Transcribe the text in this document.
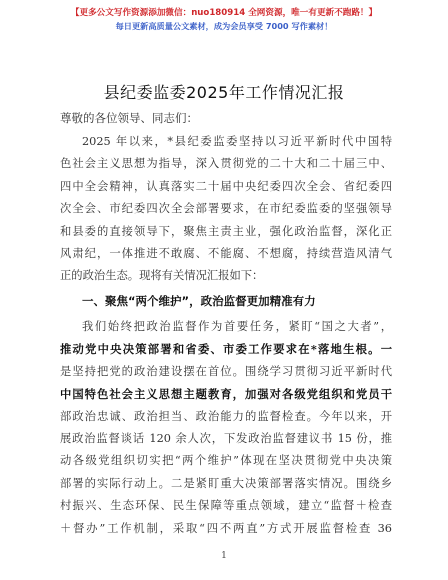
【更多公文写作资源添加微信：nuo180914 全网资源，唯一有更新不跑路！】
每日更新高质量公文素材，成为会员享受 7000 写作素材！
县纪委监委2025年工作情况汇报
尊敬的各位领导、同志们：
2025 年以来，*县纪委监委坚持以习近平新时代中国特
色社会主义思想为指导，深入贯彻党的二十大和二十届三中、
四中全会精神，认真落实二十届中央纪委四次全会、省纪委四
次全会、市纪委四次全会部署要求，在市纪委监委的坚强领导
和县委的直接领导下，聚焦主责主业，强化政治监督，深化正
风肃纪，一体推进不敢腐、不能腐、不想腐，持续营造风清气
正的政治生态。现将有关情况汇报如下：
一、聚焦“两个维护”，政治监督更加精准有力
我们始终把政治监督作为首要任务，紧盯“国之大者”，
推动党中央决策部署和省委、市委工作要求在*落地生根。一
是坚持把党的政治建设摆在首位。围绕学习贯彻习近平新时代
中国特色社会主义思想主题教育，加强对各级党组织和党员干
部政治忠诚、政治担当、政治能力的监督检查。今年以来，开
展政治监督谈话 120 余人次，下发政治监督建议书 15 份，推
动各级党组织切实把“两个维护”体现在坚决贯彻党中央决策
部署的实际行动上。二是紧盯重大决策部署落实情况。围绕乡
村振兴、生态环保、民生保障等重点领域，建立“监督＋检查
＋督办”工作机制，采取“四不两直”方式开展监督检查 36
1
